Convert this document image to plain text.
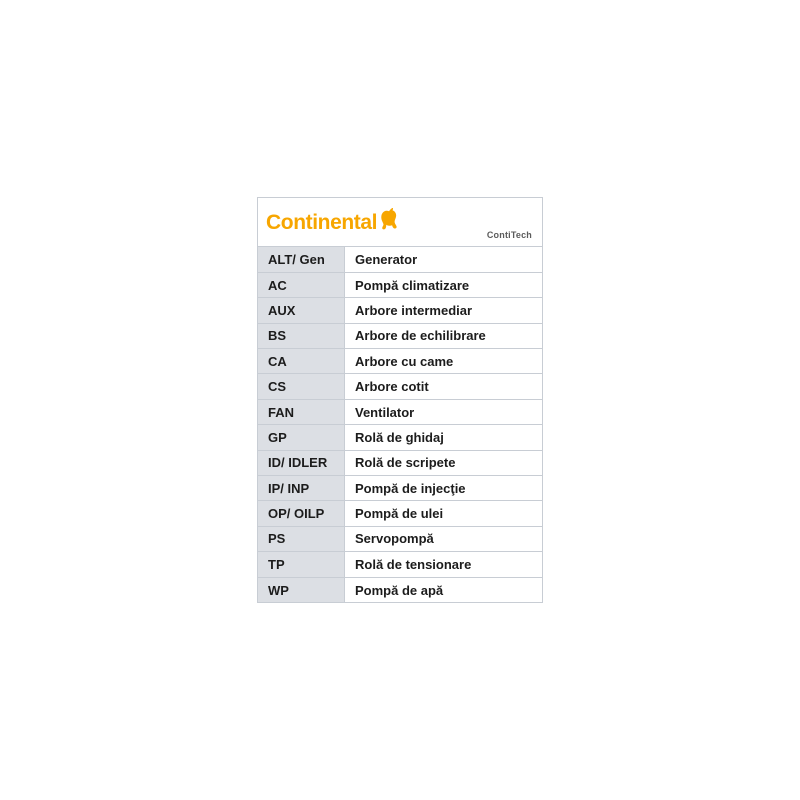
Continental
ContiTech
ALT/ Gen	Generator
AC	Pompă climatizare
AUX	Arbore intermediar
BS	Arbore de echilibrare
CA	Arbore cu came
CS	Arbore cotit
FAN	Ventilator
GP	Rolă de ghidaj
ID/ IDLER	Rolă de scripete
IP/ INP	Pompă de injecţie
OP/ OILP	Pompă de ulei
PS	Servopompă
TP	Rolă de tensionare
WP	Pompă de apă
